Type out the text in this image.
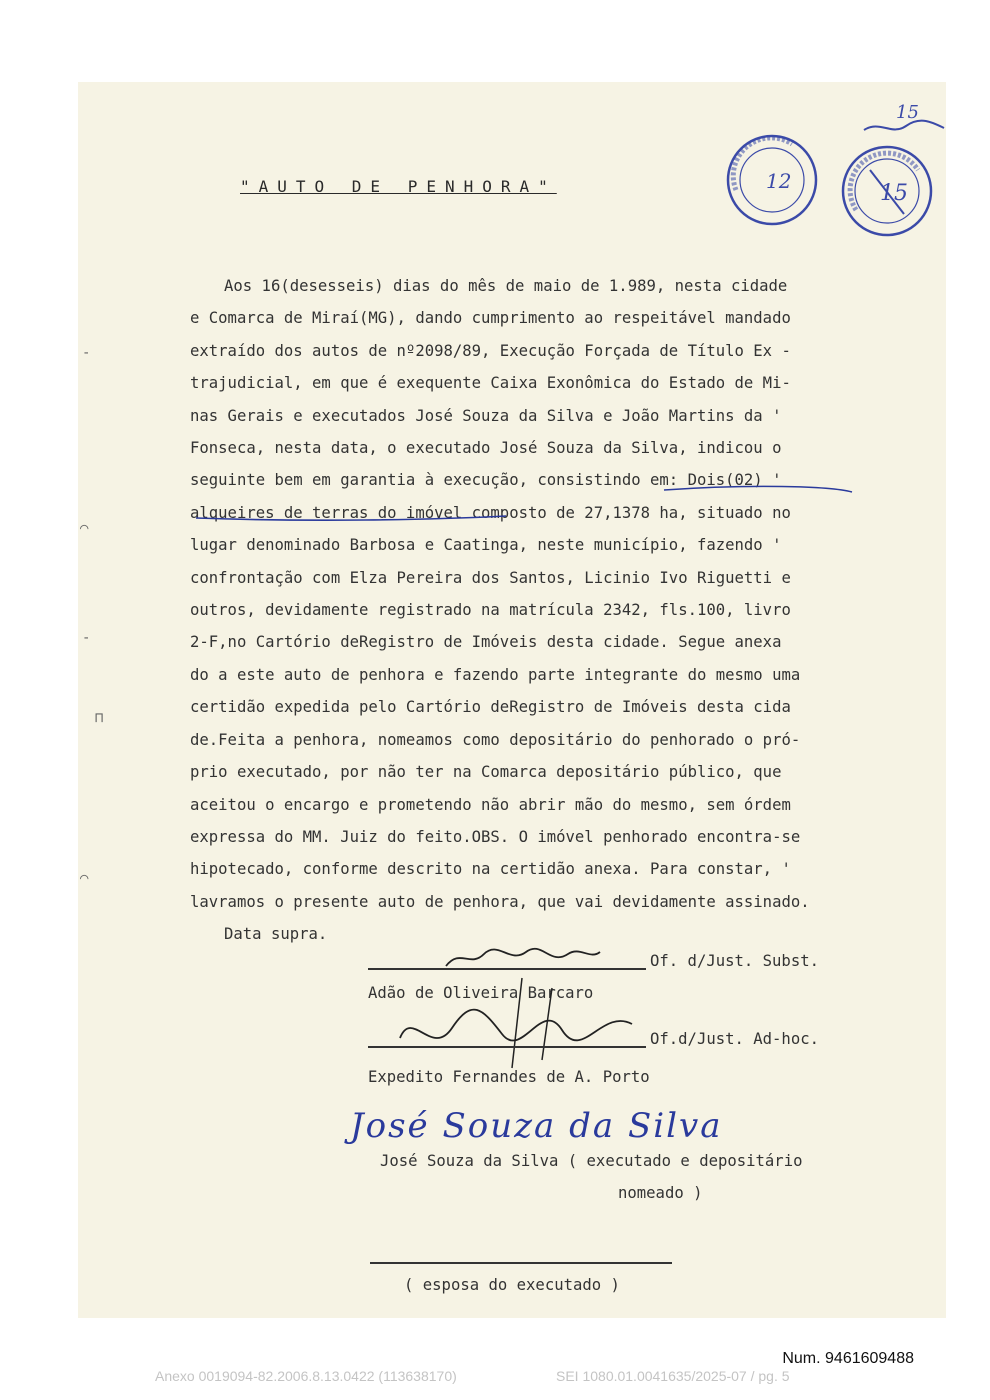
-
⌒
-
⊓
⌒
12	15
15
"AUTO DE PENHORA"
Aos 16(desesseis) dias do mês de maio de 1.989, nesta cidade
e Comarca de Miraí(MG), dando cumprimento ao respeitável mandado
extraído dos autos de nº2098/89, Execução Forçada de Título Ex -
trajudicial, em que é exequente Caixa Exonômica do Estado de Mi-
nas Gerais e executados José Souza da Silva e João Martins da '
Fonseca, nesta data, o executado José Souza da Silva, indicou o
seguinte bem em garantia à execução, consistindo em: Dois(02) '
alqueires de terras do imóvel composto de 27,1378 ha, situado no
lugar denominado Barbosa e Caatinga, neste município, fazendo '
confrontação com Elza Pereira dos Santos, Licinio Ivo Riguetti e
outros, devidamente registrado na matrícula 2342, fls.100, livro
2-F,no Cartório deRegistro de Imóveis desta cidade. Segue anexa
do a este auto de penhora e fazendo parte integrante do mesmo uma
certidão expedida pelo Cartório deRegistro de Imóveis desta cida
de.Feita a penhora, nomeamos como depositário do penhorado o pró-
prio executado, por não ter na Comarca depositário público, que
aceitou o encargo e prometendo não abrir mão do mesmo, sem órdem
expressa do MM. Juiz do feito.OBS. O imóvel penhorado encontra-se
hipotecado, conforme descrito na certidão anexa. Para constar, '
lavramos o presente auto de penhora, que vai devidamente assinado.
Data supra.
Of. d/Just. Subst.
Adão de Oliveira Barcaro
Of.d/Just. Ad-hoc.
Expedito Fernandes de A. Porto
José Souza da Silva
José Souza da Silva ( executado e depositário
nomeado )
( esposa do executado )
Num. 9461609488
Anexo 0019094-82.2006.8.13.0422 (113638170)	SEI 1080.01.0041635/2025-07 / pg. 5
